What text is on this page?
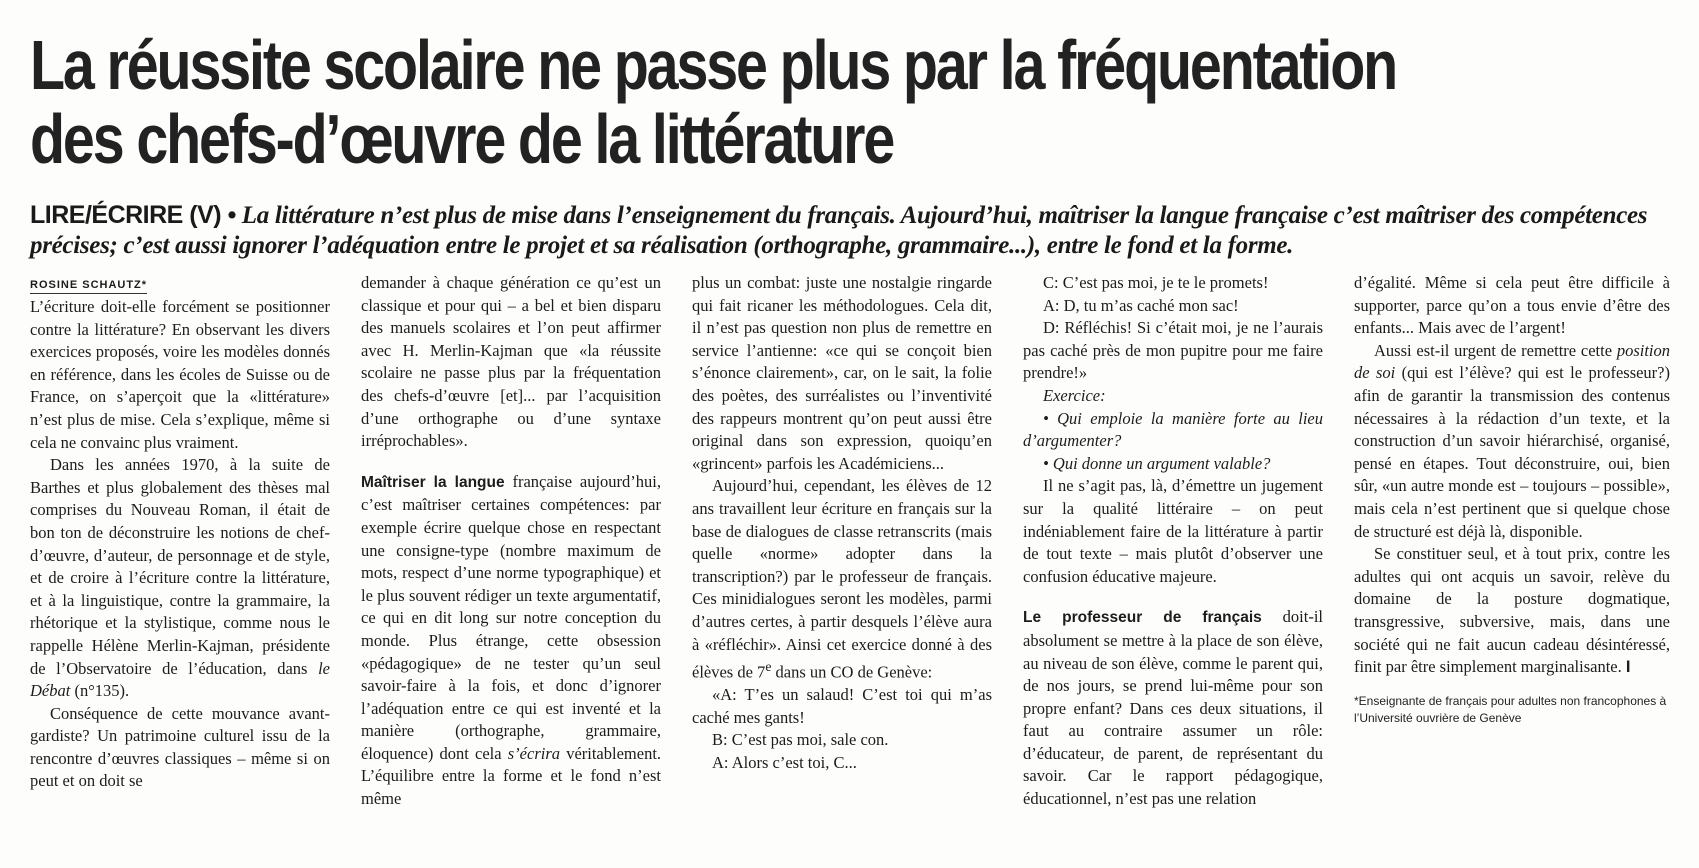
La réussite scolaire ne passe plus par la fréquentation
des chefs-d’œuvre de la littérature

LIRE/ÉCRIRE (V) • La littérature n’est plus de mise dans l’enseignement du français. Aujourd’hui, maîtriser la langue française c’est maîtriser des compétences précises; c’est aussi ignorer l’adéquation entre le projet et sa réalisation (orthographe, grammaire...), entre le fond et la forme.

ROSINE SCHAUTZ*

L’écriture doit-elle forcément se positionner contre la littérature? En observant les divers exercices proposés, voire les modèles donnés en référence, dans les écoles de Suisse ou de France, on s’aperçoit que la «littérature» n’est plus de mise. Cela s’explique, même si cela ne convainc plus vraiment.

Dans les années 1970, à la suite de Barthes et plus globalement des thèses mal comprises du Nouveau Roman, il était de bon ton de déconstruire les notions de chef-d’œuvre, d’auteur, de personnage et de style, et de croire à l’écriture contre la littérature, et à la linguistique, contre la grammaire, la rhétorique et la stylistique, comme nous le rappelle Hélène Merlin-Kajman, présidente de l’Observatoire de l’éducation, dans le Débat (n°135).

Conséquence de cette mouvance avant-gardiste? Un patrimoine culturel issu de la rencontre d’œuvres classiques – même si on peut et on doit se

demander à chaque génération ce qu’est un classique et pour qui – a bel et bien disparu des manuels scolaires et l’on peut affirmer avec H. Merlin-Kajman que «la réussite scolaire ne passe plus par la fréquentation des chefs-d’œuvre [et]... par l’acquisition d’une orthographe ou d’une syntaxe irréprochables».

Maîtriser la langue française aujourd’hui, c’est maîtriser certaines compétences: par exemple écrire quelque chose en respectant une consigne-type (nombre maximum de mots, respect d’une norme typographique) et le plus souvent rédiger un texte argumentatif, ce qui en dit long sur notre conception du monde. Plus étrange, cette obsession «pédagogique» de ne tester qu’un seul savoir-faire à la fois, et donc d’ignorer l’adéquation entre ce qui est inventé et la manière (orthographe, grammaire, éloquence) dont cela s’écrira véritablement. L’équilibre entre la forme et le fond n’est même

plus un combat: juste une nostalgie ringarde qui fait ricaner les méthodologues. Cela dit, il n’est pas question non plus de remettre en service l’antienne: «ce qui se conçoit bien s’énonce clairement», car, on le sait, la folie des poètes, des surréalistes ou l’inventivité des rappeurs montrent qu’on peut aussi être original dans son expression, quoiqu’en «grincent» parfois les Académiciens...

Aujourd’hui, cependant, les élèves de 12 ans travaillent leur écriture en français sur la base de dialogues de classe retranscrits (mais quelle «norme» adopter dans la transcription?) par le professeur de français. Ces minidialogues seront les modèles, parmi d’autres certes, à partir desquels l’élève aura à «réfléchir». Ainsi cet exercice donné à des élèves de 7e dans un CO de Genève:

«A: T’es un salaud! C’est toi qui m’as caché mes gants!

B: C’est pas moi, sale con.

A: Alors c’est toi, C...

C: C’est pas moi, je te le promets!

A: D, tu m’as caché mon sac!

D: Réfléchis! Si c’était moi, je ne l’aurais pas caché près de mon pupitre pour me faire prendre!»

Exercice:

• Qui emploie la manière forte au lieu d’argumenter?

• Qui donne un argument valable?

Il ne s’agit pas, là, d’émettre un jugement sur la qualité littéraire – on peut indéniablement faire de la littérature à partir de tout texte – mais plutôt d’observer une confusion éducative majeure.

Le professeur de français doit-il absolument se mettre à la place de son élève, au niveau de son élève, comme le parent qui, de nos jours, se prend lui-même pour son propre enfant? Dans ces deux situations, il faut au contraire assumer un rôle: d’éducateur, de parent, de représentant du savoir. Car le rapport pédagogique, éducationnel, n’est pas une relation

d’égalité. Même si cela peut être difficile à supporter, parce qu’on a tous envie d’être des enfants... Mais avec de l’argent!

Aussi est-il urgent de remettre cette position de soi (qui est l’élève? qui est le professeur?) afin de garantir la transmission des contenus nécessaires à la rédaction d’un texte, et la construction d’un savoir hiérarchisé, organisé, pensé en étapes. Tout déconstruire, oui, bien sûr, «un autre monde est – toujours – possible», mais cela n’est pertinent que si quelque chose de structuré est déjà là, disponible.

Se constituer seul, et à tout prix, contre les adultes qui ont acquis un savoir, relève du domaine de la posture dogmatique, transgressive, subversive, mais, dans une société qui ne fait aucun cadeau désintéressé, finit par être simplement marginalisante. I

*Enseignante de français pour adultes non francophones à l’Université ouvrière de Genève
